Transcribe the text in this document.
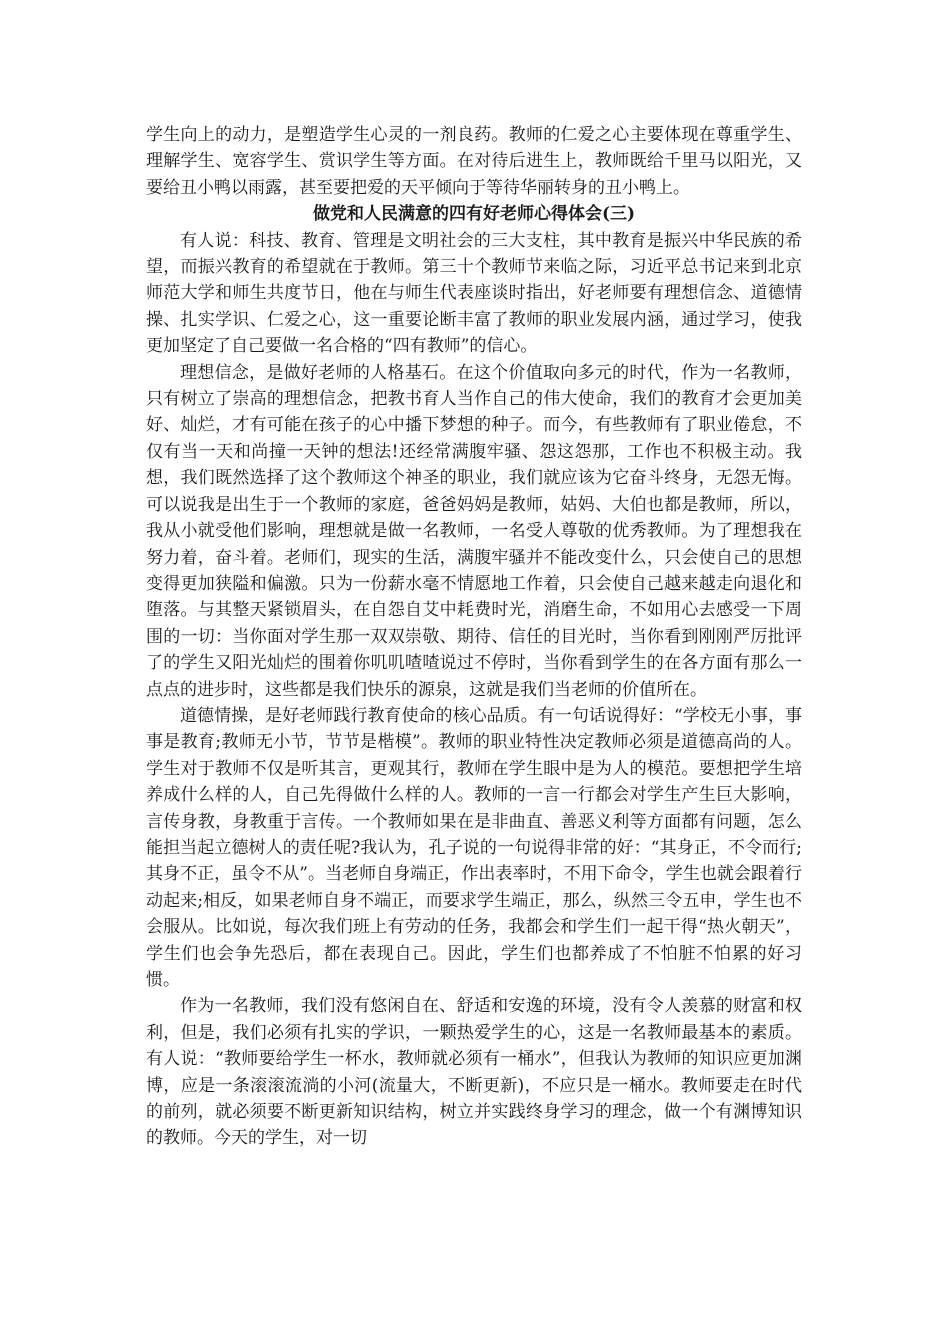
学生向上的动力，是塑造学生心灵的一剂良药。教师的仁爱之心主要体现在尊重学生、理解学生、宽容学生、赏识学生等方面。在对待后进生上，教师既给千里马以阳光，又要给丑小鸭以雨露，甚至要把爱的天平倾向于等待华丽转身的丑小鸭上。

做党和人民满意的四有好老师心得体会(三)

有人说：科技、教育、管理是文明社会的三大支柱，其中教育是振兴中华民族的希望，而振兴教育的希望就在于教师。第三十个教师节来临之际，习近平总书记来到北京师范大学和师生共度节日，他在与师生代表座谈时指出，好老师要有理想信念、道德情操、扎实学识、仁爱之心，这一重要论断丰富了教师的职业发展内涵，通过学习，使我更加坚定了自己要做一名合格的“四有教师”的信心。

理想信念，是做好老师的人格基石。在这个价值取向多元的时代，作为一名教师，只有树立了崇高的理想信念，把教书育人当作自己的伟大使命，我们的教育才会更加美好、灿烂，才有可能在孩子的心中播下梦想的种子。而今，有些教师有了职业倦怠，不仅有当一天和尚撞一天钟的想法!还经常满腹牢骚、怨这怨那，工作也不积极主动。我想，我们既然选择了这个教师这个神圣的职业，我们就应该为它奋斗终身，无怨无悔。可以说我是出生于一个教师的家庭，爸爸妈妈是教师，姑妈、大伯也都是教师，所以，我从小就受他们影响，理想就是做一名教师，一名受人尊敬的优秀教师。为了理想我在努力着，奋斗着。老师们，现实的生活，满腹牢骚并不能改变什么，只会使自己的思想变得更加狭隘和偏激。只为一份薪水毫不情愿地工作着，只会使自己越来越走向退化和堕落。与其整天紧锁眉头，在自怨自艾中耗费时光，消磨生命，不如用心去感受一下周围的一切：当你面对学生那一双双崇敬、期待、信任的目光时，当你看到刚刚严厉批评了的学生又阳光灿烂的围着你叽叽喳喳说过不停时，当你看到学生的在各方面有那么一点点的进步时，这些都是我们快乐的源泉，这就是我们当老师的价值所在。

道德情操，是好老师践行教育使命的核心品质。有一句话说得好：“学校无小事，事事是教育;教师无小节，节节是楷模”。教师的职业特性决定教师必须是道德高尚的人。学生对于教师不仅是听其言，更观其行，教师在学生眼中是为人的模范。要想把学生培养成什么样的人，自己先得做什么样的人。教师的一言一行都会对学生产生巨大影响，言传身教，身教重于言传。一个教师如果在是非曲直、善恶义利等方面都有问题，怎么能担当起立德树人的责任呢?我认为，孔子说的一句说得非常的好：“其身正，不令而行;其身不正，虽令不从”。当老师自身端正，作出表率时，不用下命令，学生也就会跟着行动起来;相反，如果老师自身不端正，而要求学生端正，那么，纵然三令五申，学生也不会服从。比如说，每次我们班上有劳动的任务，我都会和学生们一起干得“热火朝天”，学生们也会争先恐后，都在表现自己。因此，学生们也都养成了不怕脏不怕累的好习惯。

作为一名教师，我们没有悠闲自在、舒适和安逸的环境，没有令人羡慕的财富和权利，但是，我们必须有扎实的学识，一颗热爱学生的心，这是一名教师最基本的素质。有人说：“教师要给学生一杯水，教师就必须有一桶水”，但我认为教师的知识应更加渊博，应是一条滚滚流淌的小河(流量大，不断更新)，不应只是一桶水。教师要走在时代的前列，就必须要不断更新知识结构，树立并实践终身学习的理念，做一个有渊博知识的教师。今天的学生，对一切
